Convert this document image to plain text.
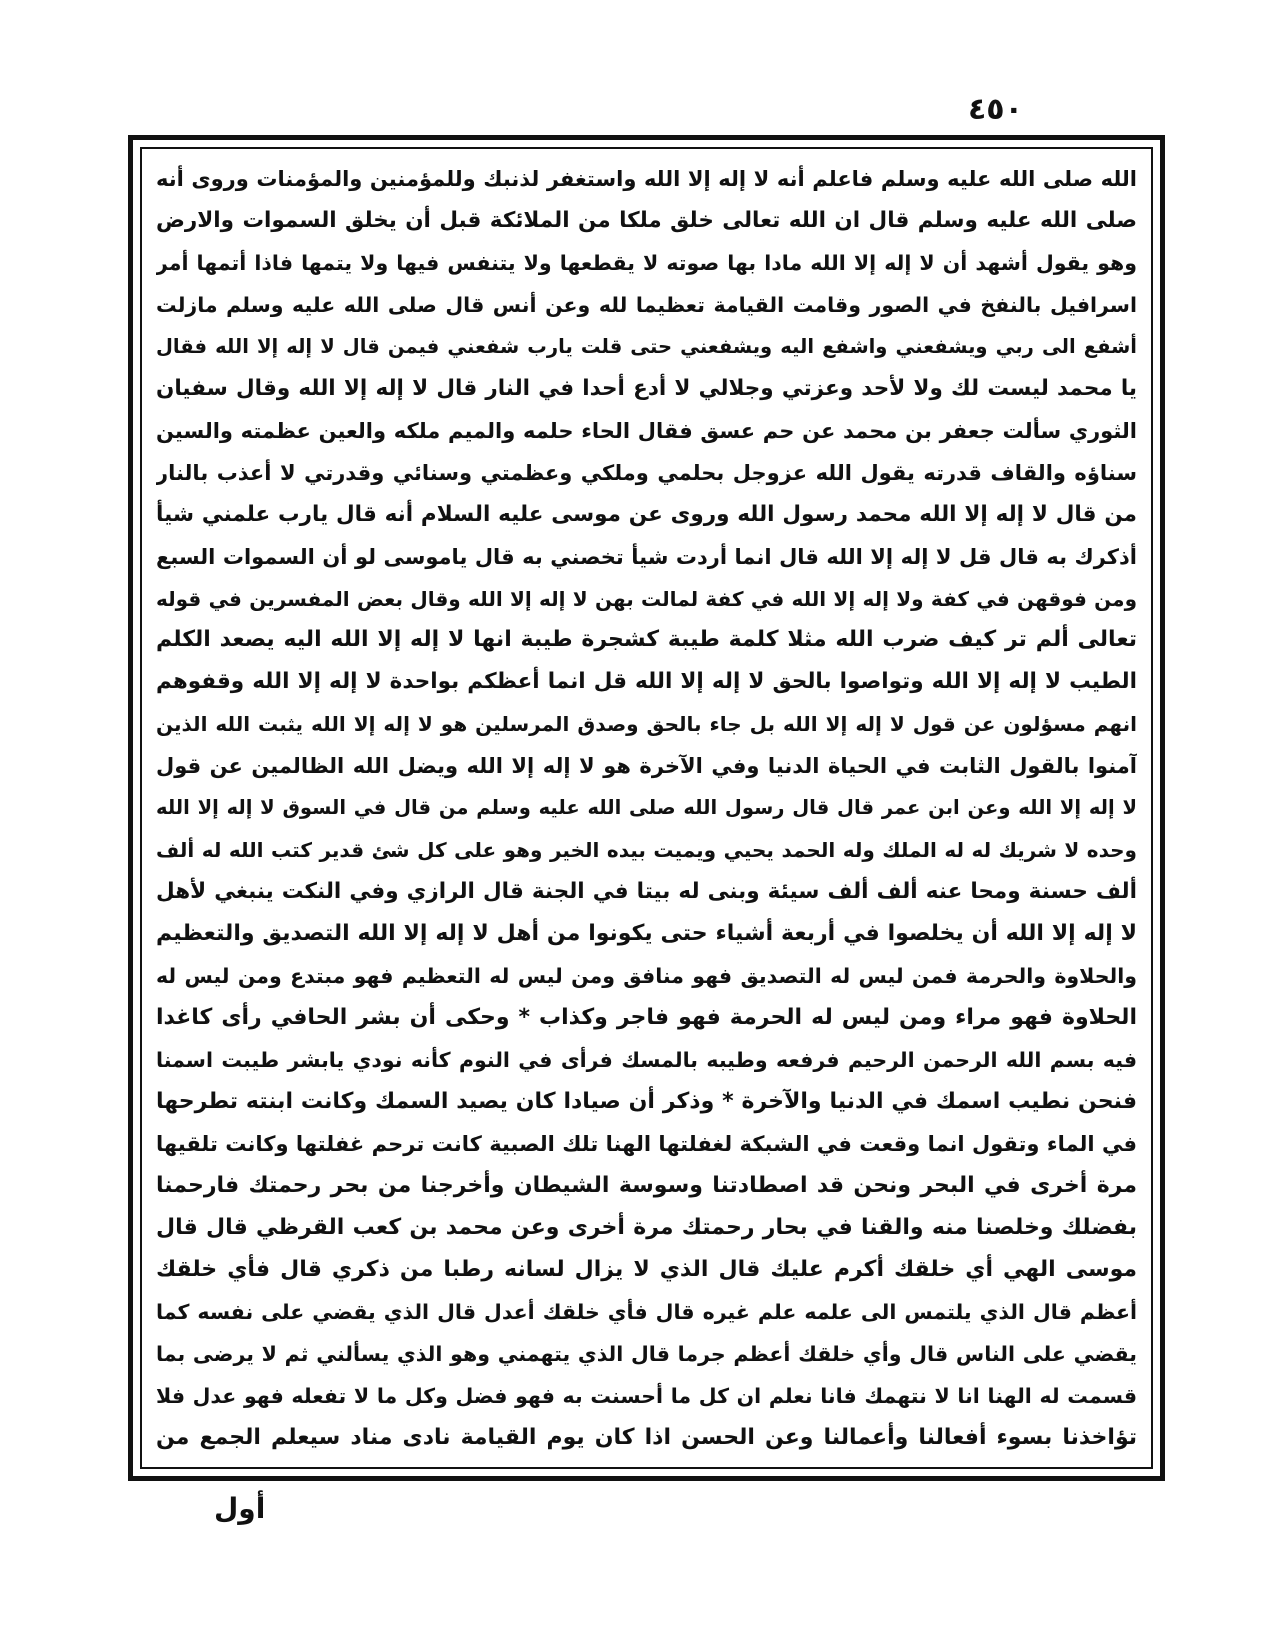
٤٥٠
الله صلى الله عليه وسلم فاعلم أنه لا إله إلا الله واستغفر لذنبك وللمؤمنين والمؤمنات وروى أنه
صلى الله عليه وسلم قال ان الله تعالى خلق ملكا من الملائكة قبل أن يخلق السموات والارض
وهو يقول أشهد أن لا إله إلا الله مادا بها صوته لا يقطعها ولا يتنفس فيها ولا يتمها فاذا أتمها أمر
اسرافيل بالنفخ في الصور وقامت القيامة تعظيما لله وعن أنس قال صلى الله عليه وسلم مازلت
أشفع الى ربي ويشفعني واشفع اليه ويشفعني حتى قلت يارب شفعني فيمن قال لا إله إلا الله فقال
يا محمد ليست لك ولا لأحد وعزتي وجلالي لا أدع أحدا في النار قال لا إله إلا الله وقال سفيان
الثوري سألت جعفر بن محمد عن حم عسق فقال الحاء حلمه والميم ملكه والعين عظمته والسين
سناؤه والقاف قدرته يقول الله عزوجل بحلمي وملكي وعظمتي وسنائي وقدرتي لا أعذب بالنار
من قال لا إله إلا الله محمد رسول الله وروى عن موسى عليه السلام أنه قال يارب علمني شيأ
أذكرك به قال قل لا إله إلا الله قال انما أردت شيأ تخصني به قال ياموسى لو أن السموات السبع
ومن فوقهن في كفة ولا إله إلا الله في كفة لمالت بهن لا إله إلا الله وقال بعض المفسرين في قوله
تعالى ألم تر كيف ضرب الله مثلا كلمة طيبة كشجرة طيبة انها لا إله إلا الله اليه يصعد الكلم
الطيب لا إله إلا الله وتواصوا بالحق لا إله إلا الله قل انما أعظكم بواحدة لا إله إلا الله وقفوهم
انهم مسؤلون عن قول لا إله إلا الله بل جاء بالحق وصدق المرسلين هو لا إله إلا الله يثبت الله الذين
آمنوا بالقول الثابت في الحياة الدنيا وفي الآخرة هو لا إله إلا الله ويضل الله الظالمين عن قول
لا إله إلا الله وعن ابن عمر قال قال رسول الله صلى الله عليه وسلم من قال في السوق لا إله إلا الله
وحده لا شريك له له الملك وله الحمد يحيي ويميت بيده الخير وهو على كل شئ قدير كتب الله له ألف
ألف حسنة ومحا عنه ألف ألف سيئة وبنى له بيتا في الجنة قال الرازي وفي النكت ينبغي لأهل
لا إله إلا الله أن يخلصوا في أربعة أشياء حتى يكونوا من أهل لا إله إلا الله التصديق والتعظيم
والحلاوة والحرمة فمن ليس له التصديق فهو منافق ومن ليس له التعظيم فهو مبتدع ومن ليس له
الحلاوة فهو مراء ومن ليس له الحرمة فهو فاجر وكذاب * وحكى أن بشر الحافي رأى كاغدا
فيه بسم الله الرحمن الرحيم فرفعه وطيبه بالمسك فرأى في النوم كأنه نودي يابشر طيبت اسمنا
فنحن نطيب اسمك في الدنيا والآخرة * وذكر أن صيادا كان يصيد السمك وكانت ابنته تطرحها
في الماء وتقول انما وقعت في الشبكة لغفلتها الهنا تلك الصبية كانت ترحم غفلتها وكانت تلقيها
مرة أخرى في البحر ونحن قد اصطادتنا وسوسة الشيطان وأخرجنا من بحر رحمتك فارحمنا
بفضلك وخلصنا منه والقنا في بحار رحمتك مرة أخرى وعن محمد بن كعب القرظي قال قال
موسى الهي أي خلقك أكرم عليك قال الذي لا يزال لسانه رطبا من ذكري قال فأي خلقك
أعظم قال الذي يلتمس الى علمه علم غيره قال فأي خلقك أعدل قال الذي يقضي على نفسه كما
يقضي على الناس قال وأي خلقك أعظم جرما قال الذي يتهمني وهو الذي يسألني ثم لا يرضى بما
قسمت له الهنا انا لا نتهمك فانا نعلم ان كل ما أحسنت به فهو فضل وكل ما لا تفعله فهو عدل فلا
تؤاخذنا بسوء أفعالنا وأعمالنا وعن الحسن اذا كان يوم القيامة نادى مناد سيعلم الجمع من
أول
